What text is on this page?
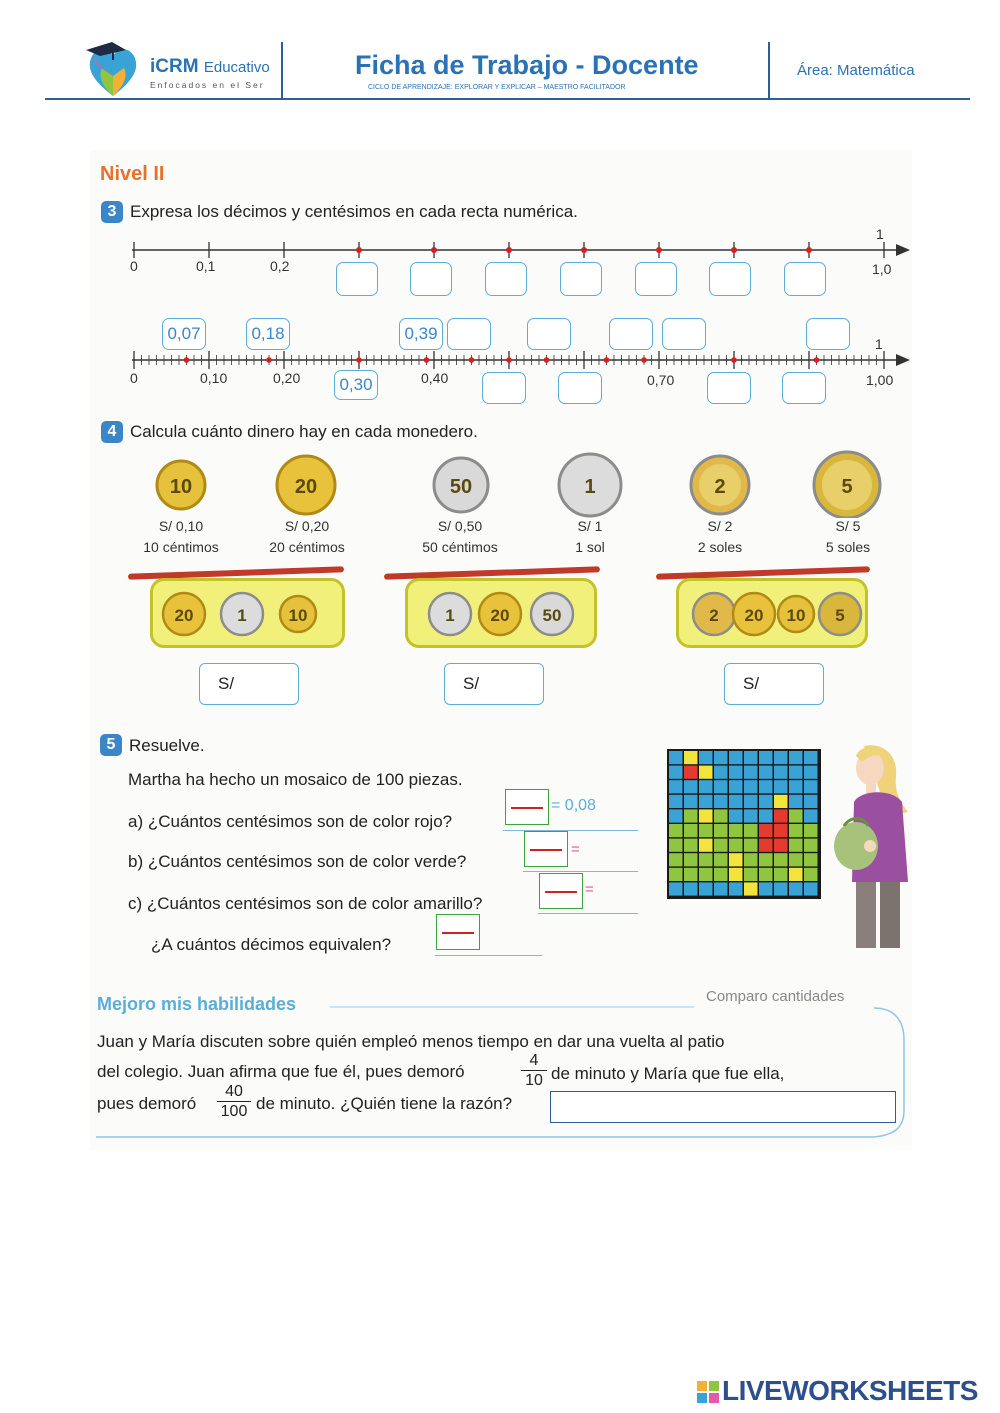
iCRM Educativo
Enfocados en el Ser
Ficha de Trabajo - Docente
CICLO DE APRENDIZAJE: EXPLORAR Y EXPLICAR – MAESTRO FACILITADOR
Área: Matemática
Nivel II
3 Expresa los décimos y centésimos en cada recta numérica.
0	0,1	0,2
1
1,0
0	0,10	0,20	0,40	0,70
1
1,00
0,07	0,18	0,39
0,30
4 Calcula cuánto dinero hay en cada monedero.
10	20	50	1	2	5
S/ 0,10
10 céntimos
S/ 0,20
20 céntimos
S/ 0,50
50 céntimos
S/ 1
1 sol
S/ 2
2 soles
S/ 5
5 soles
20	1 10	1 20 50	2 20 10 5
S/	S/	S/
5 Resuelve.
Martha ha hecho un mosaico de 100 piezas.
a) ¿Cuántos centésimos son de color rojo?
b) ¿Cuántos centésimos son de color verde?
c) ¿Cuántos centésimos son de color amarillo?
¿A cuántos décimos equivalen?
= 0,08
=
=
Mejoro mis habilidades	Comparo cantidades
Juan y María discuten sobre quién empleó menos tiempo en dar una vuelta al patio
del colegio. Juan afirma que fue él, pues demoró	$\frac{4}{10}$ de minuto y María que fue ella,
pues demoró $\frac{40}{100}$ de minuto. ¿Quién tiene la razón?
LIVEWORKSHEETS
